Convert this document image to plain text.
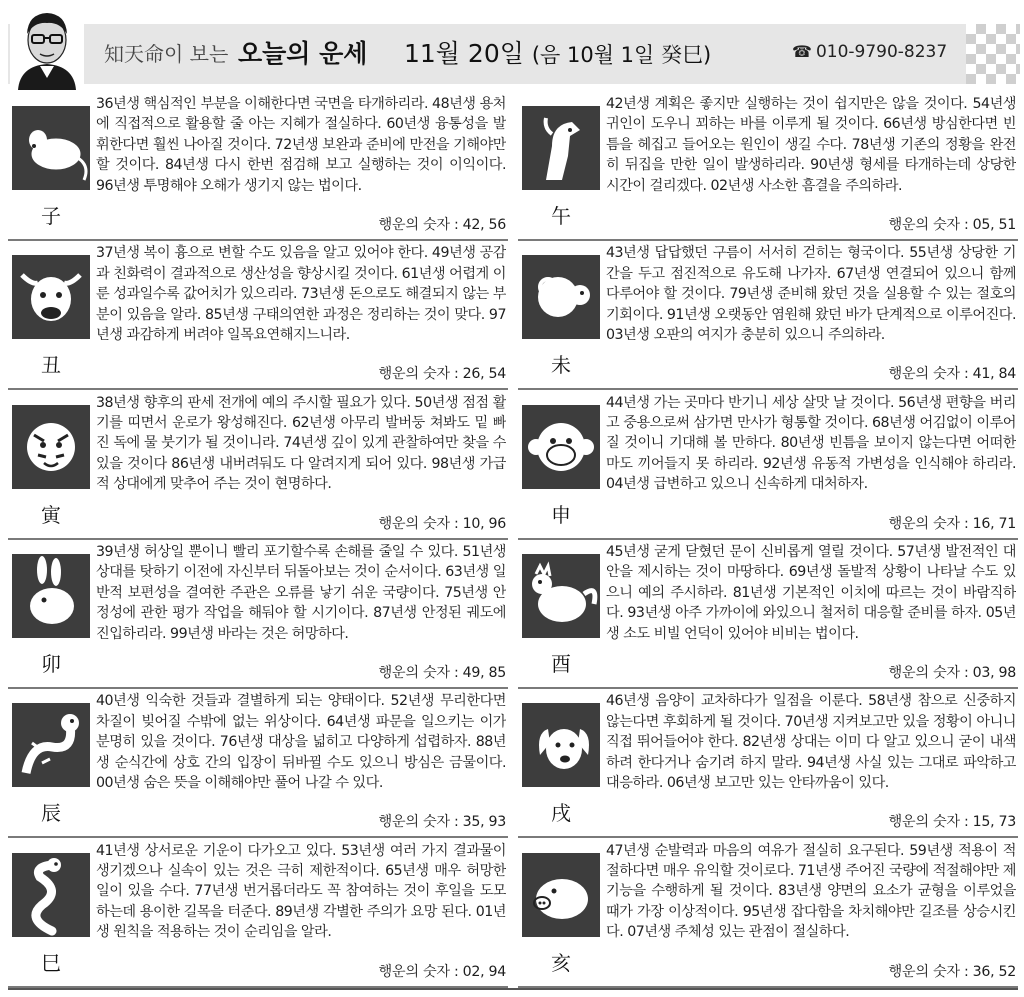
知天命이 보는 오늘의 운세 11월 20일 (음 10월 1일 癸巳)	☎ 010-9790-8237
子
36년생 핵심적인 부분을 이해한다면 국면을 타개하리라. 48년생 용처에 직접적으로 활용할 줄 아는 지혜가 절실하다. 60년생 융통성을 발휘한다면 훨씬 나아질 것이다. 72년생 보완과 준비에 만전을 기해야만 할 것이다. 84년생 다시 한번 점검해 보고 실행하는 것이 이익이다. 96년생 투명해야 오해가 생기지 않는 법이다.
행운의 숫자 : 42, 56
丑
37년생 복이 흉으로 변할 수도 있음을 알고 있어야 한다. 49년생 공감과 친화력이 결과적으로 생산성을 향상시킬 것이다. 61년생 어렵게 이룬 성과일수록 값어치가 있으리라. 73년생 돈으로도 해결되지 않는 부분이 있음을 알라. 85년생 구태의연한 과정은 정리하는 것이 맞다. 97년생 과감하게 버려야 일목요연해지느니라.
행운의 숫자 : 26, 54
寅
38년생 향후의 판세 전개에 예의 주시할 필요가 있다. 50년생 점점 활기를 띠면서 운로가 왕성해진다. 62년생 아무리 발버둥 쳐봐도 밑 빠진 독에 물 붓기가 될 것이니라. 74년생 깊이 있게 관찰하여만 찾을 수 있을 것이다 86년생 내버려둬도 다 알려지게 되어 있다. 98년생 가급적 상대에게 맞추어 주는 것이 현명하다.
행운의 숫자 : 10, 96
卯
39년생 허상일 뿐이니 빨리 포기할수록 손해를 줄일 수 있다. 51년생 상대를 탓하기 이전에 자신부터 뒤돌아보는 것이 순서이다. 63년생 일반적 보편성을 결여한 주관은 오류를 낳기 쉬운 국량이다. 75년생 안정성에 관한 평가 작업을 해둬야 할 시기이다. 87년생 안정된 궤도에 진입하리라. 99년생 바라는 것은 허망하다.
행운의 숫자 : 49, 85
辰
40년생 익숙한 것들과 결별하게 되는 양태이다. 52년생 무리한다면 차질이 빚어질 수밖에 없는 위상이다. 64년생 파문을 일으키는 이가 분명히 있을 것이다. 76년생 대상을 넓히고 다양하게 섭렵하자. 88년생 순식간에 상호 간의 입장이 뒤바뀔 수도 있으니 방심은 금물이다. 00년생 숨은 뜻을 이해해야만 풀어 나갈 수 있다.
행운의 숫자 : 35, 93
巳
41년생 상서로운 기운이 다가오고 있다. 53년생 여러 가지 결과물이 생기겠으나 실속이 있는 것은 극히 제한적이다. 65년생 매우 허망한 일이 있을 수다. 77년생 번거롭더라도 꼭 참여하는 것이 후일을 도모하는데 용이한 길목을 터준다. 89년생 각별한 주의가 요망 된다. 01년생 원칙을 적용하는 것이 순리임을 알라.
행운의 숫자 : 02, 94
午
42년생 계획은 좋지만 실행하는 것이 쉽지만은 않을 것이다. 54년생 귀인이 도우니 꾀하는 바를 이루게 될 것이다. 66년생 방심한다면 빈틈을 헤집고 들어오는 원인이 생길 수다. 78년생 기존의 정황을 완전히 뒤집을 만한 일이 발생하리라. 90년생 형세를 타개하는데 상당한 시간이 걸리겠다. 02년생 사소한 흠결을 주의하라.
행운의 숫자 : 05, 51
未
43년생 답답했던 구름이 서서히 걷히는 형국이다. 55년생 상당한 기간을 두고 점진적으로 유도해 나가자. 67년생 연결되어 있으니 함께 다루어야 할 것이다. 79년생 준비해 왔던 것을 실용할 수 있는 절호의 기회이다. 91년생 오랫동안 염원해 왔던 바가 단계적으로 이루어진다. 03년생 오판의 여지가 충분히 있으니 주의하라.
행운의 숫자 : 41, 84
申
44년생 가는 곳마다 반기니 세상 살맛 날 것이다. 56년생 편향을 버리고 중용으로써 삼가면 만사가 형통할 것이다. 68년생 어김없이 이루어질 것이니 기대해 볼 만하다. 80년생 빈틈을 보이지 않는다면 어떠한 마도 끼어들지 못 하리라. 92년생 유동적 가변성을 인식해야 하리라. 04년생 급변하고 있으니 신속하게 대처하자.
행운의 숫자 : 16, 71
酉
45년생 굳게 닫혔던 문이 신비롭게 열릴 것이다. 57년생 발전적인 대안을 제시하는 것이 마땅하다. 69년생 돌발적 상황이 나타날 수도 있으니 예의 주시하라. 81년생 기본적인 이치에 따르는 것이 바람직하다. 93년생 아주 가까이에 와있으니 철저히 대응할 준비를 하자. 05년생 소도 비빌 언덕이 있어야 비비는 법이다.
행운의 숫자 : 03, 98
戌
46년생 음양이 교차하다가 일점을 이룬다. 58년생 참으로 신중하지 않는다면 후회하게 될 것이다. 70년생 지켜보고만 있을 정황이 아니니 직접 뛰어들어야 한다. 82년생 상대는 이미 다 알고 있으니 굳이 내색하려 한다거나 숨기려 하지 말라. 94년생 사실 있는 그대로 파악하고 대응하라. 06년생 보고만 있는 안타까움이 있다.
행운의 숫자 : 15, 73
亥
47년생 순발력과 마음의 여유가 절실히 요구된다. 59년생 적용이 적절하다면 매우 유익할 것이로다. 71년생 주어진 국량에 적절해야만 제 기능을 수행하게 될 것이다. 83년생 양면의 요소가 균형을 이루었을 때가 가장 이상적이다. 95년생 잡다함을 차치해야만 길조를 상승시킨다. 07년생 주체성 있는 관점이 절실하다.
행운의 숫자 : 36, 52
